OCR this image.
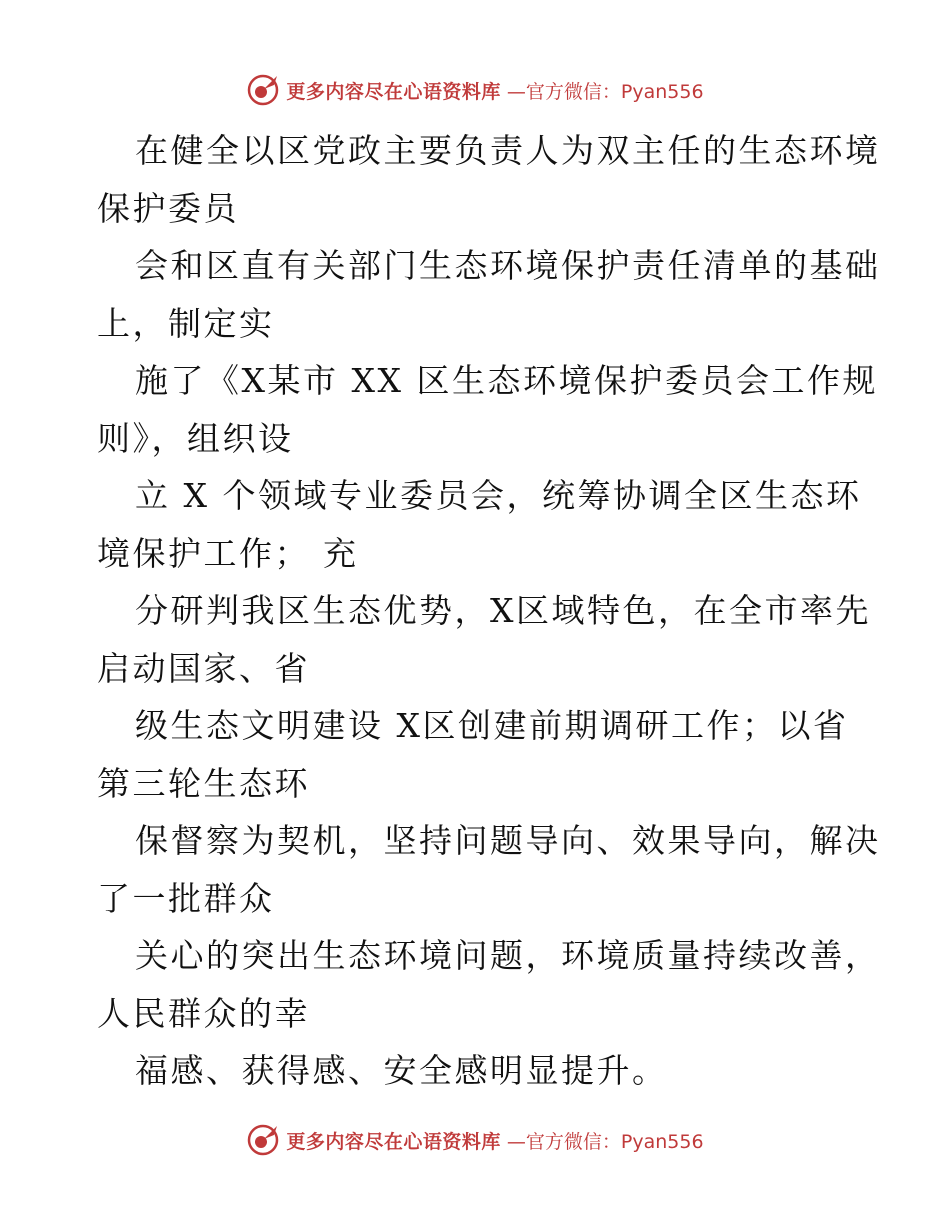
更多内容尽在心语资料库 —官方微信：Pyan556

在健全以区党政主要负责人为双主任的生态环境
保护委员

会和区直有关部门生态环境保护责任清单的基础
上，制定实

施了《X某市 XX 区生态环境保护委员会工作规
则》，组织设

立 X 个领域专业委员会，统筹协调全区生态环
境保护工作； 充

分研判我区生态优势，X区域特色，在全市率先
启动国家、省

级生态文明建设 X区创建前期调研工作；以省
第三轮生态环

保督察为契机，坚持问题导向、效果导向，解决
了一批群众

关心的突出生态环境问题，环境质量持续改善，
人民群众的幸

福感、获得感、安全感明显提升。

更多内容尽在心语资料库 —官方微信：Pyan556
